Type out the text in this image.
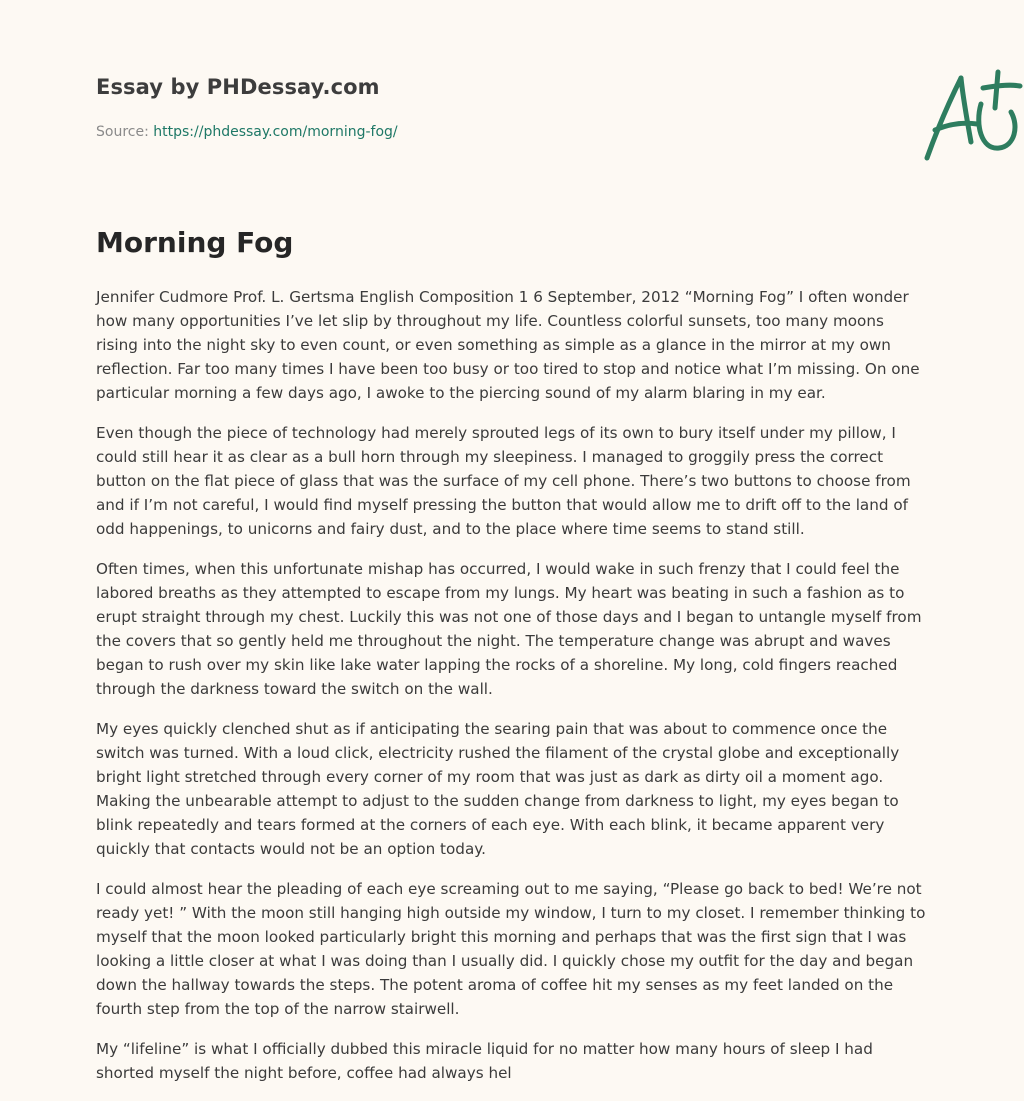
Essay by PHDessay.com
Source: https://phdessay.com/morning-fog/
Morning Fog

Jennifer Cudmore Prof. L. Gertsma English Composition 1 6 September, 2012 “Morning Fog” I often wonder how many opportunities I’ve let slip by throughout my life. Countless colorful sunsets, too many moons rising into the night sky to even count, or even something as simple as a glance in the mirror at my own reflection. Far too many times I have been too busy or too tired to stop and notice what I’m missing. On one particular morning a few days ago, I awoke to the piercing sound of my alarm blaring in my ear.

Even though the piece of technology had merely sprouted legs of its own to bury itself under my pillow, I could still hear it as clear as a bull horn through my sleepiness. I managed to groggily press the correct button on the flat piece of glass that was the surface of my cell phone. There’s two buttons to choose from and if I’m not careful, I would find myself pressing the button that would allow me to drift off to the land of odd happenings, to unicorns and fairy dust, and to the place where time seems to stand still.

Often times, when this unfortunate mishap has occurred, I would wake in such frenzy that I could feel the labored breaths as they attempted to escape from my lungs. My heart was beating in such a fashion as to erupt straight through my chest. Luckily this was not one of those days and I began to untangle myself from the covers that so gently held me throughout the night. The temperature change was abrupt and waves began to rush over my skin like lake water lapping the rocks of a shoreline. My long, cold fingers reached through the darkness toward the switch on the wall.

My eyes quickly clenched shut as if anticipating the searing pain that was about to commence once the switch was turned. With a loud click, electricity rushed the filament of the crystal globe and exceptionally bright light stretched through every corner of my room that was just as dark as dirty oil a moment ago. Making the unbearable attempt to adjust to the sudden change from darkness to light, my eyes began to blink repeatedly and tears formed at the corners of each eye. With each blink, it became apparent very quickly that contacts would not be an option today.

I could almost hear the pleading of each eye screaming out to me saying, “Please go back to bed! We’re not ready yet! ” With the moon still hanging high outside my window, I turn to my closet. I remember thinking to myself that the moon looked particularly bright this morning and perhaps that was the first sign that I was looking a little closer at what I was doing than I usually did. I quickly chose my outfit for the day and began down the hallway towards the steps. The potent aroma of coffee hit my senses as my feet landed on the fourth step from the top of the narrow stairwell.

My “lifeline” is what I officially dubbed this miracle liquid for no matter how many hours of sleep I had shorted myself the night before, coffee had always hel
